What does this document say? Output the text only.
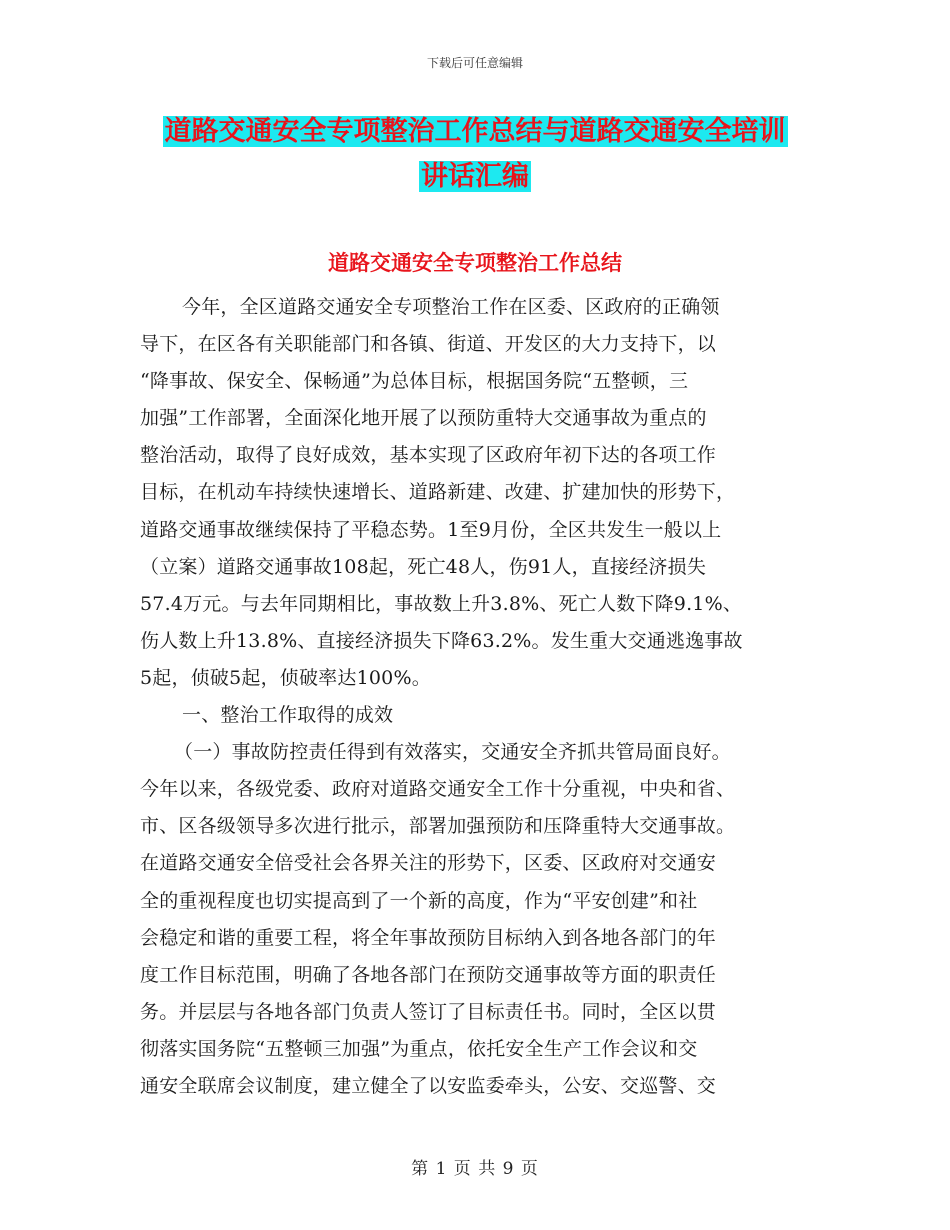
下载后可任意编辑
道路交通安全专项整治工作总结与道路交通安全培训
讲话汇编
道路交通安全专项整治工作总结
今年，全区道路交通安全专项整治工作在区委、区政府的正确领
导下，在区各有关职能部门和各镇、街道、开发区的大力支持下，以
“降事故、保安全、保畅通”为总体目标，根据国务院“五整顿，三
加强”工作部署，全面深化地开展了以预防重特大交通事故为重点的
整治活动，取得了良好成效，基本实现了区政府年初下达的各项工作
目标，在机动车持续快速增长、道路新建、改建、扩建加快的形势下，
道路交通事故继续保持了平稳态势。1至9月份，全区共发生一般以上
（立案）道路交通事故108起，死亡48人，伤91人，直接经济损失
57.4万元。与去年同期相比，事故数上升3.8%、死亡人数下降9.1%、
伤人数上升13.8%、直接经济损失下降63.2%。发生重大交通逃逸事故
5起，侦破5起，侦破率达100%。
一、整治工作取得的成效
（一）事故防控责任得到有效落实，交通安全齐抓共管局面良好。
今年以来，各级党委、政府对道路交通安全工作十分重视，中央和省、
市、区各级领导多次进行批示，部署加强预防和压降重特大交通事故。
在道路交通安全倍受社会各界关注的形势下，区委、区政府对交通安
全的重视程度也切实提高到了一个新的高度，作为“平安创建”和社
会稳定和谐的重要工程，将全年事故预防目标纳入到各地各部门的年
度工作目标范围，明确了各地各部门在预防交通事故等方面的职责任
务。并层层与各地各部门负责人签订了目标责任书。同时，全区以贯
彻落实国务院“五整顿三加强”为重点，依托安全生产工作会议和交
通安全联席会议制度，建立健全了以安监委牵头，公安、交巡警、交
第 1 页 共 9 页
